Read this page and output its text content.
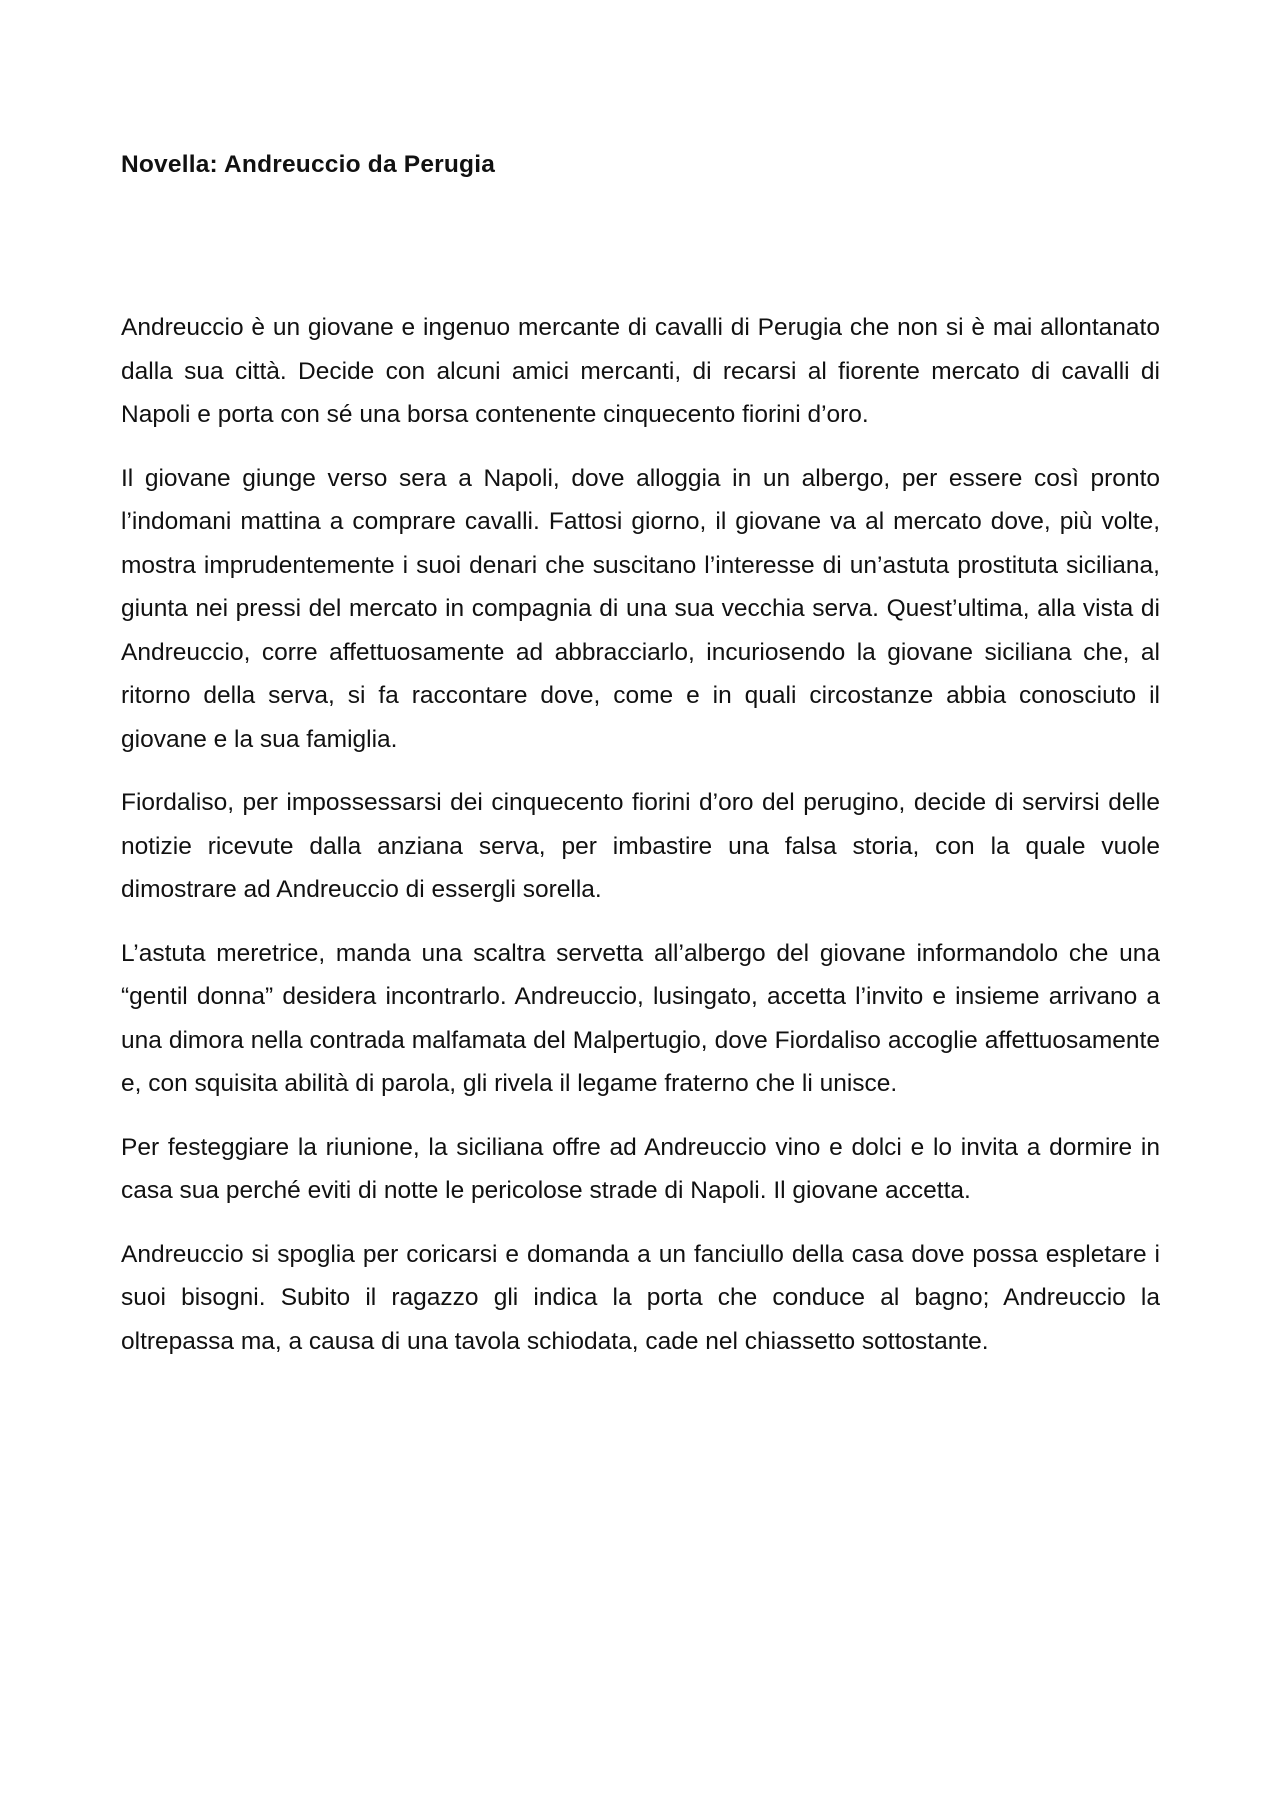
Novella: Andreuccio da Perugia

Andreuccio è un giovane e ingenuo mercante di cavalli di Perugia che non si è mai allontanato dalla sua città. Decide con alcuni amici mercanti, di recarsi al fiorente mercato di cavalli di Napoli e porta con sé una borsa contenente cinquecento fiorini d’oro.

Il giovane giunge verso sera a Napoli, dove alloggia in un albergo, per essere così pronto l’indomani mattina a comprare cavalli. Fattosi giorno, il giovane va al mercato dove, più volte, mostra imprudentemente i suoi denari che suscitano l’interesse di un’astuta prostituta siciliana, giunta nei pressi del mercato in compagnia di una sua vecchia serva. Quest’ultima, alla vista di Andreuccio, corre affettuosamente ad abbracciarlo, incuriosendo la giovane siciliana che, al ritorno della serva, si fa raccontare dove, come e in quali circostanze abbia conosciuto il giovane e la sua famiglia.

Fiordaliso, per impossessarsi dei cinquecento fiorini d’oro del perugino, decide di servirsi delle notizie ricevute dalla anziana serva, per imbastire una falsa storia, con la quale vuole dimostrare ad Andreuccio di essergli sorella.

L’astuta meretrice, manda una scaltra servetta all’albergo del giovane informandolo che una “gentil donna” desidera incontrarlo. Andreuccio, lusingato, accetta l’invito e insieme arrivano a una dimora nella contrada malfamata del Malpertugio, dove Fiordaliso accoglie affettuosamente e, con squisita abilità di parola, gli rivela il legame fraterno che li unisce.

Per festeggiare la riunione, la siciliana offre ad Andreuccio vino e dolci e lo invita a dormire in casa sua perché eviti di notte le pericolose strade di Napoli. Il giovane accetta.

Andreuccio si spoglia per coricarsi e domanda a un fanciullo della casa dove possa espletare i suoi bisogni. Subito il ragazzo gli indica la porta che conduce al bagno; Andreuccio la oltrepassa ma, a causa di una tavola schiodata, cade nel chiassetto sottostante.
